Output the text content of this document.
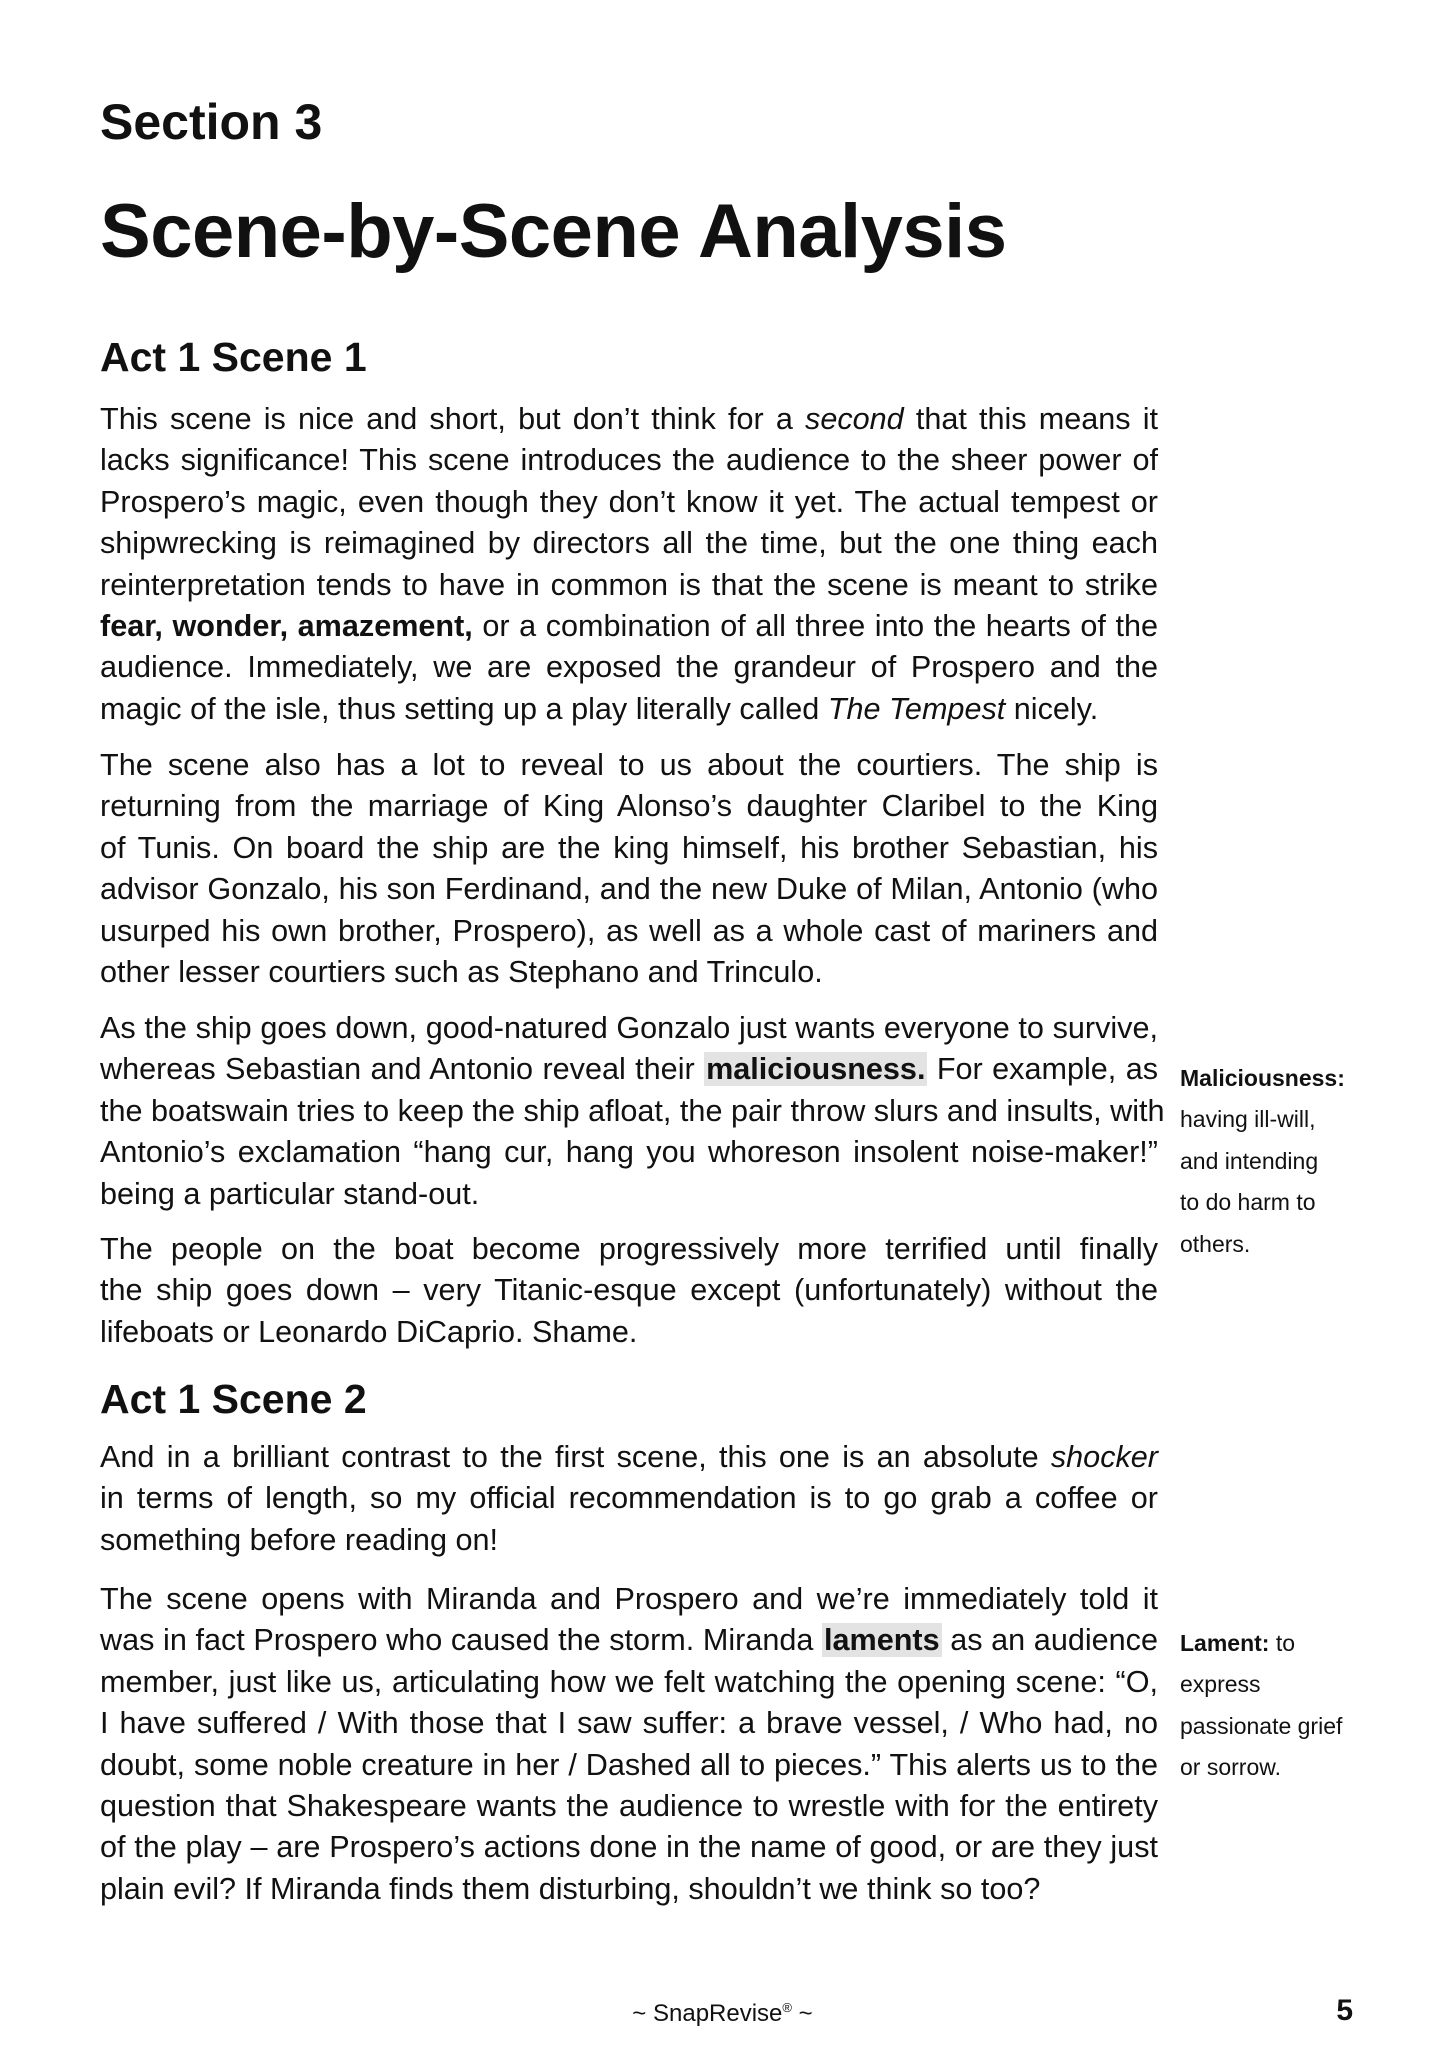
Section 3
Scene-by-Scene Analysis
Act 1 Scene 1
This scene is nice and short, but don’t think for a second that this means it
lacks significance! This scene introduces the audience to the sheer power of
Prospero’s magic, even though they don’t know it yet. The actual tempest or
shipwrecking is reimagined by directors all the time, but the one thing each
reinterpretation tends to have in common is that the scene is meant to strike
fear, wonder, amazement, or a combination of all three into the hearts of the
audience. Immediately, we are exposed the grandeur of Prospero and the
magic of the isle, thus setting up a play literally called The Tempest nicely.
The scene also has a lot to reveal to us about the courtiers. The ship is
returning from the marriage of King Alonso’s daughter Claribel to the King
of Tunis. On board the ship are the king himself, his brother Sebastian, his
advisor Gonzalo, his son Ferdinand, and the new Duke of Milan, Antonio (who
usurped his own brother, Prospero), as well as a whole cast of mariners and
other lesser courtiers such as Stephano and Trinculo.
As the ship goes down, good-natured Gonzalo just wants everyone to survive,
whereas Sebastian and Antonio reveal their maliciousness. For example, as
the boatswain tries to keep the ship afloat, the pair throw slurs and insults, with
Antonio’s exclamation “hang cur, hang you whoreson insolent noise-maker!”
being a particular stand-out.
The people on the boat become progressively more terrified until finally
the ship goes down – very Titanic-esque except (unfortunately) without the
lifeboats or Leonardo DiCaprio. Shame.
Maliciousness:
having ill-will,
and intending
to do harm to
others.
Act 1 Scene 2
And in a brilliant contrast to the first scene, this one is an absolute shocker
in terms of length, so my official recommendation is to go grab a coffee or
something before reading on!
The scene opens with Miranda and Prospero and we’re immediately told it
was in fact Prospero who caused the storm. Miranda laments as an audience
member, just like us, articulating how we felt watching the opening scene: “O,
I have suffered / With those that I saw suffer: a brave vessel, / Who had, no
doubt, some noble creature in her / Dashed all to pieces.” This alerts us to the
question that Shakespeare wants the audience to wrestle with for the entirety
of the play – are Prospero’s actions done in the name of good, or are they just
plain evil? If Miranda finds them disturbing, shouldn’t we think so too?
Lament: to
express
passionate grief
or sorrow.

~ SnapRevise® ~	5
